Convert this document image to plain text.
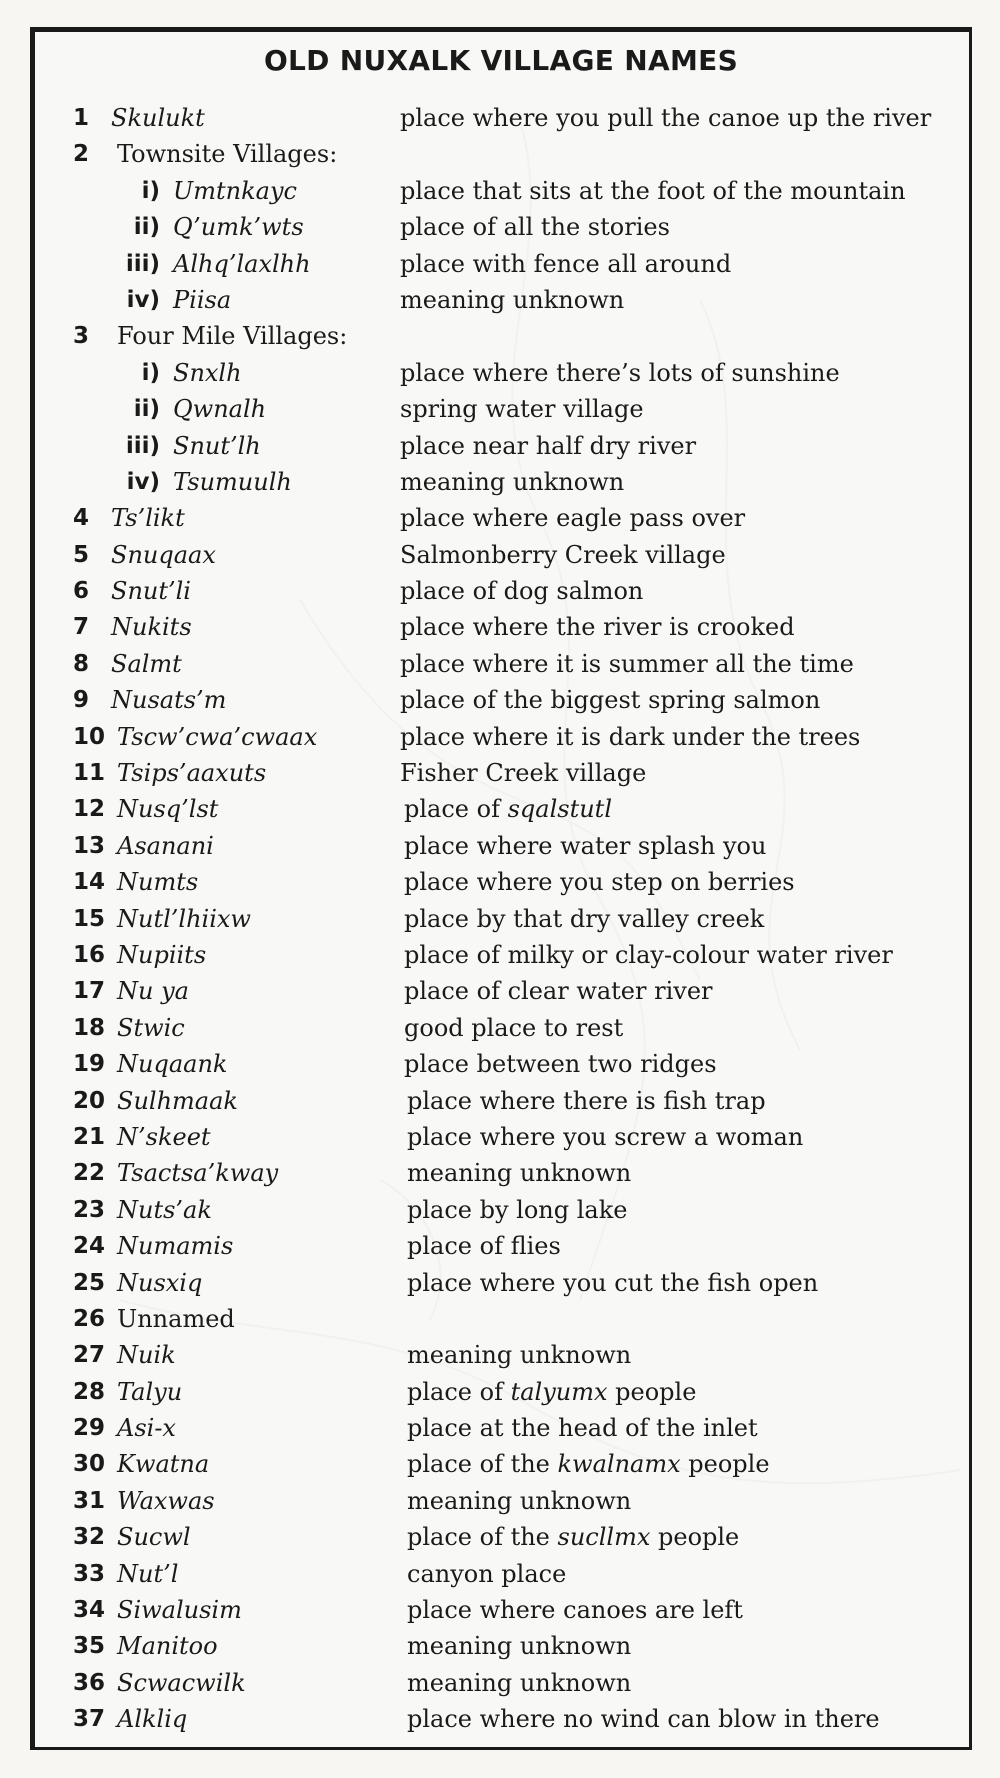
OLD NUXALK VILLAGE NAMES
1 Skulukt	place where you pull the canoe up the river
2	Townsite Villages:
i) Umtnkayc	place that sits at the foot of the mountain
ii) Q’umk’wts	place of all the stories
iii) Alhq’laxlhh	place with fence all around
iv) Piisa	meaning unknown
3	Four Mile Villages:
i) Snxlh	place where there’s lots of sunshine
ii) Qwnalh	spring water village
iii) Snut’lh	place near half dry river
iv) Tsumuulh	meaning unknown
4 Ts’likt	place where eagle pass over
5 Snuqaax	Salmonberry Creek village
6 Snut’li	place of dog salmon
7 Nukits	place where the river is crooked
8 Salmt	place where it is summer all the time
9 Nusats’m	place of the biggest spring salmon
10 Tscw’cwa’cwaax	place where it is dark under the trees
11 Tsips’aaxuts	Fisher Creek village
12 Nusq’lst	place of sqalstutl
13 Asanani	place where water splash you
14 Numts	place where you step on berries
15 Nutl’lhiixw	place by that dry valley creek
16 Nupiits	place of milky or clay-colour water river
17 Nu ya	place of clear water river
18 Stwic	good place to rest
19 Nuqaank	place between two ridges
20 Sulhmaak	place where there is fish trap
21 N’skeet	place where you screw a woman
22 Tsactsa’kway	meaning unknown
23 Nuts’ak	place by long lake
24 Numamis	place of flies
25 Nusxiq	place where you cut the fish open
26 Unnamed
27 Nuik	meaning unknown
28 Talyu	place of talyumx people
29 Asi-x	place at the head of the inlet
30 Kwatna	place of the kwalnamx people
31 Waxwas	meaning unknown
32 Sucwl	place of the sucllmx people
33 Nut’l	canyon place
34 Siwalusim	place where canoes are left
35 Manitoo	meaning unknown
36 Scwacwilk	meaning unknown
37 Alkliq	place where no wind can blow in there
